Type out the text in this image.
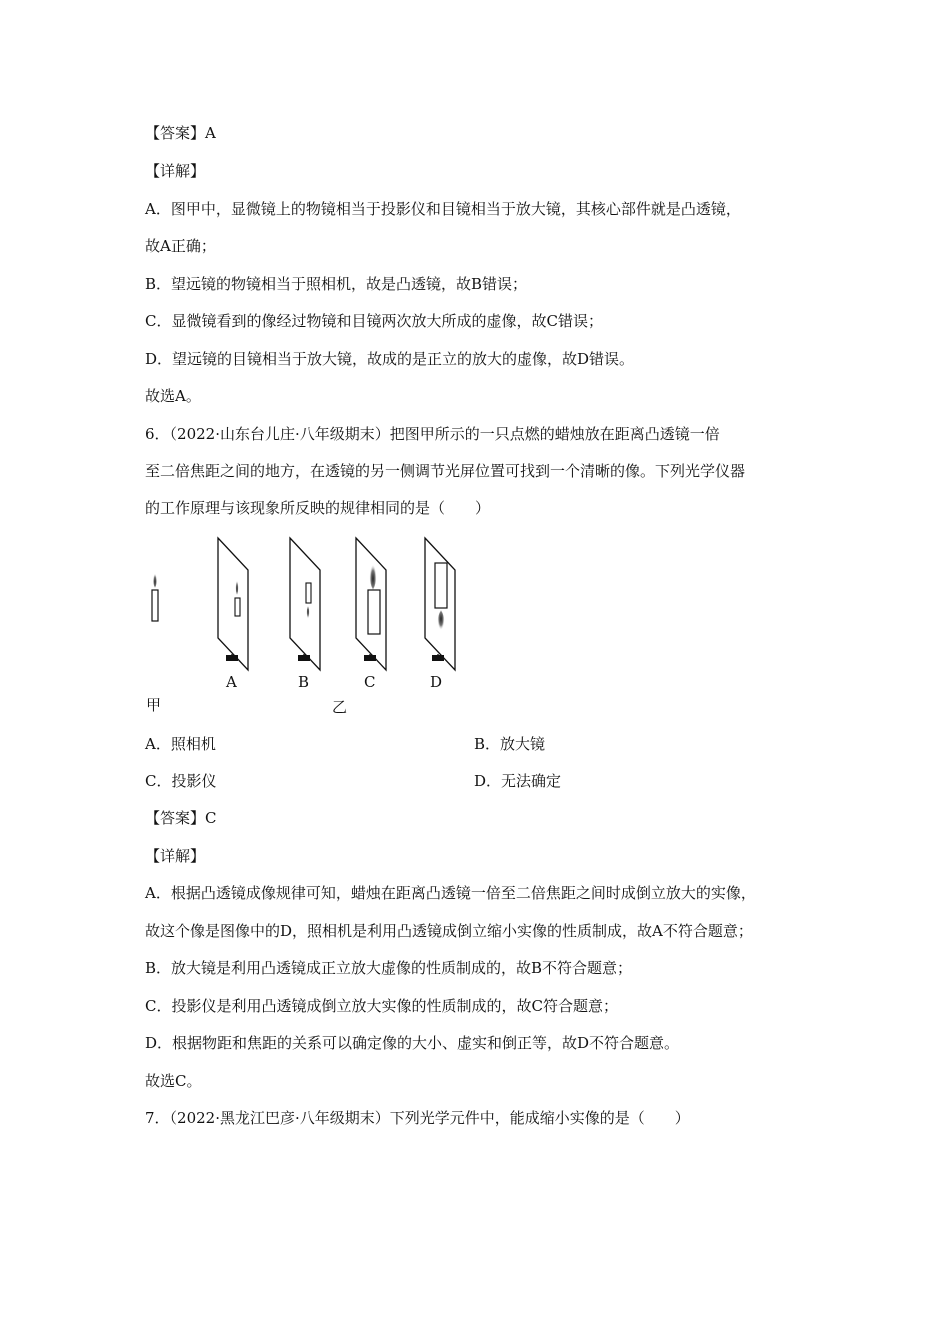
【答案】A
【详解】
A．图甲中，显微镜上的物镜相当于投影仪和目镜相当于放大镜，其核心部件就是凸透镜，
故A正确；
B．望远镜的物镜相当于照相机，故是凸透镜，故B错误；
C．显微镜看到的像经过物镜和目镜两次放大所成的虚像，故C错误；
D．望远镜的目镜相当于放大镜，故成的是正立的放大的虚像，故D错误。
故选A。
6．（2022·山东台儿庄·八年级期末）把图甲所示的一只点燃的蜡烛放在距离凸透镜一倍
至二倍焦距之间的地方，在透镜的另一侧调节光屏位置可找到一个清晰的像。下列光学仪器
的工作原理与该现象所反映的规律相同的是（　　）
A	B	C	D
甲	乙
A．照相机	B．放大镜
C．投影仪	D．无法确定
【答案】C
【详解】
A．根据凸透镜成像规律可知，蜡烛在距离凸透镜一倍至二倍焦距之间时成倒立放大的实像，
故这个像是图像中的D，照相机是利用凸透镜成倒立缩小实像的性质制成，故A不符合题意；
B．放大镜是利用凸透镜成正立放大虚像的性质制成的，故B不符合题意；
C．投影仪是利用凸透镜成倒立放大实像的性质制成的，故C符合题意；
D．根据物距和焦距的关系可以确定像的大小、虚实和倒正等，故D不符合题意。
故选C。
7．（2022·黑龙江巴彦·八年级期末）下列光学元件中，能成缩小实像的是（　　）
